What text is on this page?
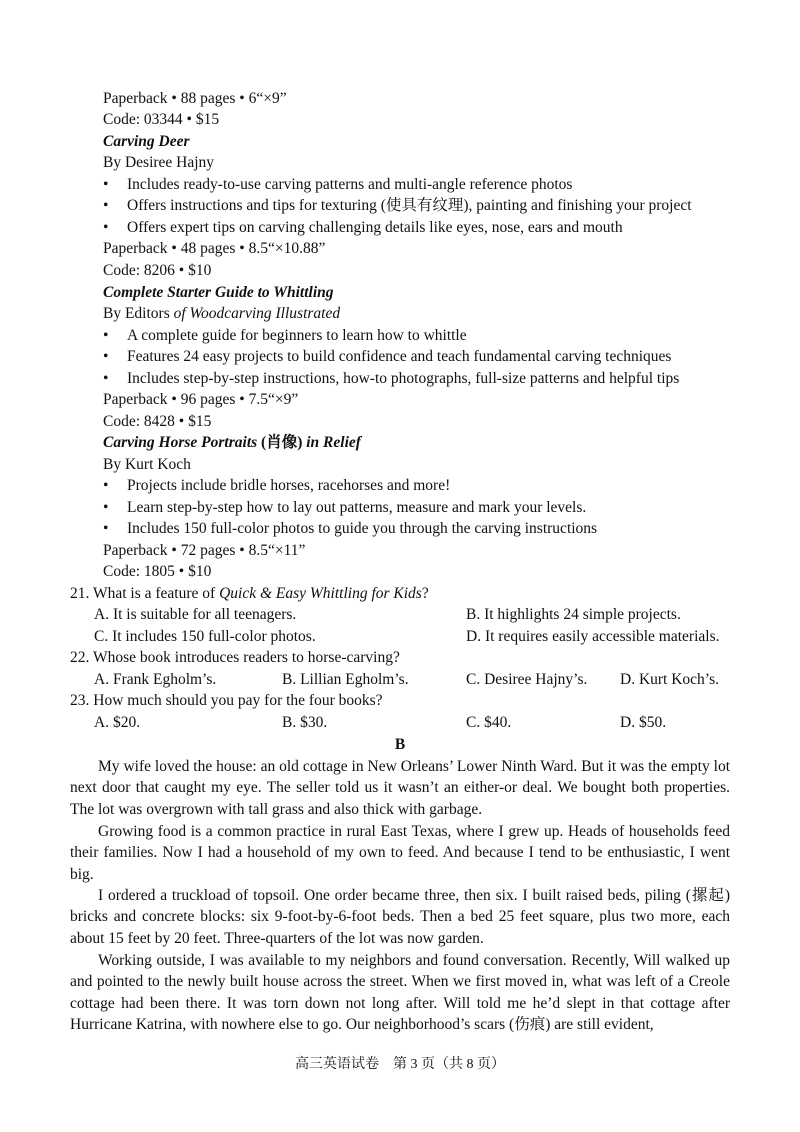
Paperback • 88 pages • 6“×9”
Code: 03344 • $15
Carving Deer
By Desiree Hajny
• Includes ready-to-use carving patterns and multi-angle reference photos
• Offers instructions and tips for texturing (使具有纹理), painting and finishing your project
• Offers expert tips on carving challenging details like eyes, nose, ears and mouth
Paperback • 48 pages • 8.5“×10.88”
Code: 8206 • $10
Complete Starter Guide to Whittling
By Editors of Woodcarving Illustrated
• A complete guide for beginners to learn how to whittle
• Features 24 easy projects to build confidence and teach fundamental carving techniques
• Includes step-by-step instructions, how-to photographs, full-size patterns and helpful tips
Paperback • 96 pages • 7.5“×9”
Code: 8428 • $15
Carving Horse Portraits (肖像) in Relief
By Kurt Koch
• Projects include bridle horses, racehorses and more!
• Learn step-by-step how to lay out patterns, measure and mark your levels.
• Includes 150 full-color photos to guide you through the carving instructions
Paperback • 72 pages • 8.5“×11”
Code: 1805 • $10
21. What is a feature of Quick & Easy Whittling for Kids?
A. It is suitable for all teenagers.	B. It highlights 24 simple projects.
C. It includes 150 full-color photos.	D. It requires easily accessible materials.
22. Whose book introduces readers to horse-carving?
A. Frank Egholm’s.	B. Lillian Egholm’s.	C. Desiree Hajny’s. D. Kurt Koch’s.
23. How much should you pay for the four books?
A. $20.	B. $30.	C. $40.	D. $50.
B

My wife loved the house: an old cottage in New Orleans’ Lower Ninth Ward. But it was the empty lot next door that caught my eye. The seller told us it wasn’t an either-or deal. We bought both properties. The lot was overgrown with tall grass and also thick with garbage.

Growing food is a common practice in rural East Texas, where I grew up. Heads of households feed their families. Now I had a household of my own to feed. And because I tend to be enthusiastic, I went big.

I ordered a truckload of topsoil. One order became three, then six. I built raised beds, piling (摞起) bricks and concrete blocks: six 9-foot-by-6-foot beds. Then a bed 25 feet square, plus two more, each about 15 feet by 20 feet. Three-quarters of the lot was now garden.

Working outside, I was available to my neighbors and found conversation. Recently, Will walked up and pointed to the newly built house across the street. When we first moved in, what was left of a Creole cottage had been there. It was torn down not long after. Will told me he’d slept in that cottage after Hurricane Katrina, with nowhere else to go. Our neighborhood’s scars (伤痕) are still evident,

高三英语试卷　第 3 页（共 8 页）
